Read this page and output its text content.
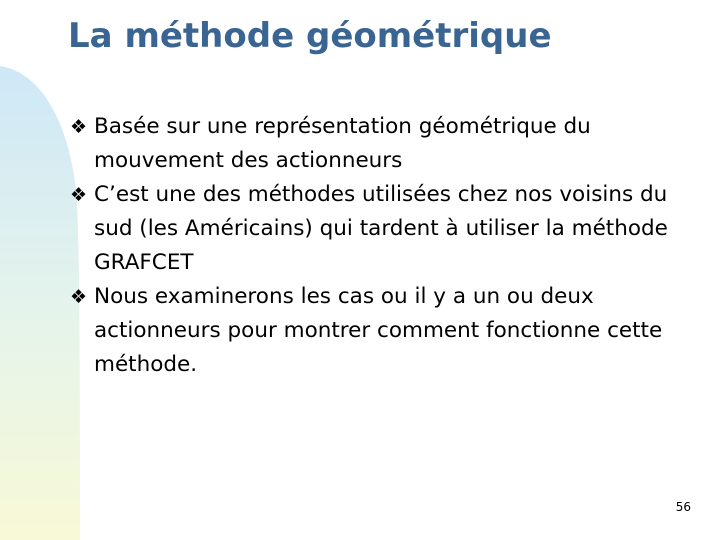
La méthode géométrique
❖ Basée sur une représentation géométrique du mouvement des actionneurs
❖ C’est une des méthodes utilisées chez nos voisins du sud (les Américains) qui tardent à utiliser la méthode GRAFCET
❖ Nous examinerons les cas ou il y a un ou deux actionneurs pour montrer comment fonctionne cette méthode.
56
